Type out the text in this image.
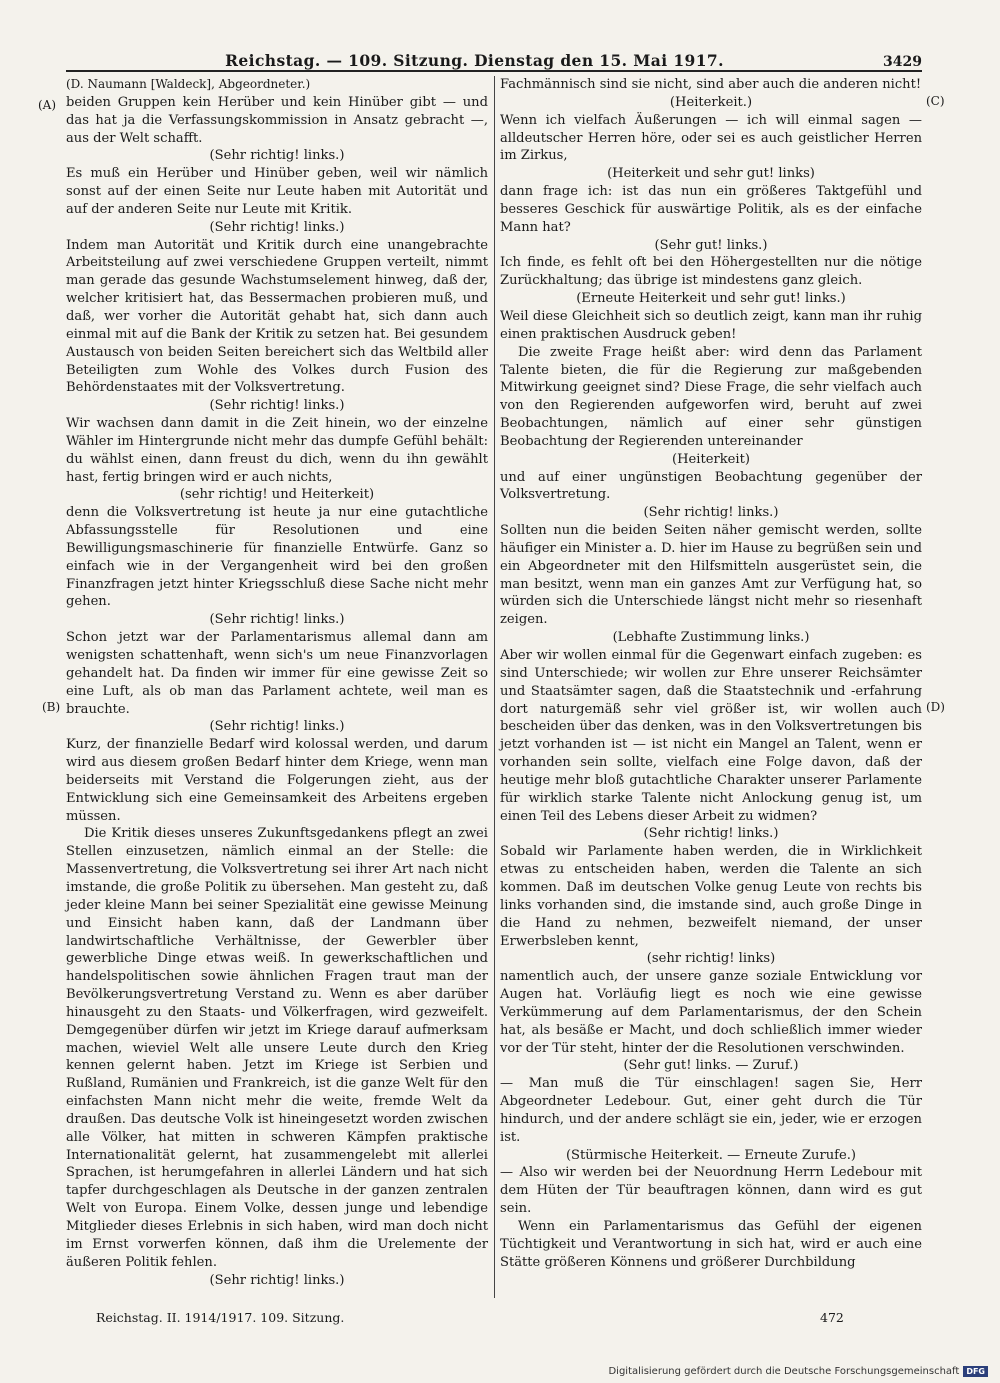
Reichstag. — 109. Sitzung. Dienstag den 15. Mai 1917.	3429
(A)
(B)
(C)
(D)

(D. Naumann [Waldeck], Abgeordneter.)

beiden Gruppen kein Herüber und kein Hinüber gibt — und das hat ja die Verfassungskommission in Ansatz gebracht —, aus der Welt schafft.

(Sehr richtig! links.)

Es muß ein Herüber und Hinüber geben, weil wir nämlich sonst auf der einen Seite nur Leute haben mit Autorität und auf der anderen Seite nur Leute mit Kritik.

(Sehr richtig! links.)

Indem man Autorität und Kritik durch eine unangebrachte Arbeitsteilung auf zwei verschiedene Gruppen verteilt, nimmt man gerade das gesunde Wachstumselement hinweg, daß der, welcher kritisiert hat, das Bessermachen probieren muß, und daß, wer vorher die Autorität gehabt hat, sich dann auch einmal mit auf die Bank der Kritik zu setzen hat. Bei gesundem Austausch von beiden Seiten bereichert sich das Weltbild aller Beteiligten zum Wohle des Volkes durch Fusion des Behördenstaates mit der Volksvertretung.

(Sehr richtig! links.)

Wir wachsen dann damit in die Zeit hinein, wo der einzelne Wähler im Hintergrunde nicht mehr das dumpfe Gefühl behält: du wählst einen, dann freust du dich, wenn du ihn gewählt hast, fertig bringen wird er auch nichts,

(sehr richtig! und Heiterkeit)

denn die Volksvertretung ist heute ja nur eine gutachtliche Abfassungsstelle für Resolutionen und eine Bewilligungsmaschinerie für finanzielle Entwürfe. Ganz so einfach wie in der Vergangenheit wird bei den großen Finanzfragen jetzt hinter Kriegsschluß diese Sache nicht mehr gehen.

(Sehr richtig! links.)

Schon jetzt war der Parlamentarismus allemal dann am wenigsten schattenhaft, wenn sich's um neue Finanzvorlagen gehandelt hat. Da finden wir immer für eine gewisse Zeit so eine Luft, als ob man das Parlament achtete, weil man es brauchte.

(Sehr richtig! links.)

Kurz, der finanzielle Bedarf wird kolossal werden, und darum wird aus diesem großen Bedarf hinter dem Kriege, wenn man beiderseits mit Verstand die Folgerungen zieht, aus der Entwicklung sich eine Gemeinsamkeit des Arbeitens ergeben müssen.

Die Kritik dieses unseres Zukunftsgedankens pflegt an zwei Stellen einzusetzen, nämlich einmal an der Stelle: die Massenvertretung, die Volksvertretung sei ihrer Art nach nicht imstande, die große Politik zu übersehen. Man gesteht zu, daß jeder kleine Mann bei seiner Spezialität eine gewisse Meinung und Einsicht haben kann, daß der Landmann über landwirtschaftliche Verhältnisse, der Gewerbler über gewerbliche Dinge etwas weiß. In gewerkschaftlichen und handelspolitischen sowie ähnlichen Fragen traut man der Bevölkerungsvertretung Verstand zu. Wenn es aber darüber hinausgeht zu den Staats- und Völkerfragen, wird gezweifelt. Demgegenüber dürfen wir jetzt im Kriege darauf aufmerksam machen, wieviel Welt alle unsere Leute durch den Krieg kennen gelernt haben. Jetzt im Kriege ist Serbien und Rußland, Rumänien und Frankreich, ist die ganze Welt für den einfachsten Mann nicht mehr die weite, fremde Welt da draußen. Das deutsche Volk ist hineingesetzt worden zwischen alle Völker, hat mitten in schweren Kämpfen praktische Internationalität gelernt, hat zusammengelebt mit allerlei Sprachen, ist herumgefahren in allerlei Ländern und hat sich tapfer durchgeschlagen als Deutsche in der ganzen zentralen Welt von Europa. Einem Volke, dessen junge und lebendige Mitglieder dieses Erlebnis in sich haben, wird man doch nicht im Ernst vorwerfen können, daß ihm die Urelemente der äußeren Politik fehlen.

(Sehr richtig! links.)

Fachmännisch sind sie nicht, sind aber auch die anderen nicht!

(Heiterkeit.)

Wenn ich vielfach Äußerungen — ich will einmal sagen — alldeutscher Herren höre, oder sei es auch geistlicher Herren im Zirkus,

(Heiterkeit und sehr gut! links)

dann frage ich: ist das nun ein größeres Taktgefühl und besseres Geschick für auswärtige Politik, als es der einfache Mann hat?

(Sehr gut! links.)

Ich finde, es fehlt oft bei den Höhergestellten nur die nötige Zurückhaltung; das übrige ist mindestens ganz gleich.

(Erneute Heiterkeit und sehr gut! links.)

Weil diese Gleichheit sich so deutlich zeigt, kann man ihr ruhig einen praktischen Ausdruck geben!

Die zweite Frage heißt aber: wird denn das Parlament Talente bieten, die für die Regierung zur maßgebenden Mitwirkung geeignet sind? Diese Frage, die sehr vielfach auch von den Regierenden aufgeworfen wird, beruht auf zwei Beobachtungen, nämlich auf einer sehr günstigen Beobachtung der Regierenden untereinander

(Heiterkeit)

und auf einer ungünstigen Beobachtung gegenüber der Volksvertretung.

(Sehr richtig! links.)

Sollten nun die beiden Seiten näher gemischt werden, sollte häufiger ein Minister a. D. hier im Hause zu begrüßen sein und ein Abgeordneter mit den Hilfsmitteln ausgerüstet sein, die man besitzt, wenn man ein ganzes Amt zur Verfügung hat, so würden sich die Unterschiede längst nicht mehr so riesenhaft zeigen.

(Lebhafte Zustimmung links.)

Aber wir wollen einmal für die Gegenwart einfach zugeben: es sind Unterschiede; wir wollen zur Ehre unserer Reichsämter und Staatsämter sagen, daß die Staatstechnik und -erfahrung dort naturgemäß sehr viel größer ist, wir wollen auch bescheiden über das denken, was in den Volksvertretungen bis jetzt vorhanden ist — ist nicht ein Mangel an Talent, wenn er vorhanden sein sollte, vielfach eine Folge davon, daß der heutige mehr bloß gutachtliche Charakter unserer Parlamente für wirklich starke Talente nicht Anlockung genug ist, um einen Teil des Lebens dieser Arbeit zu widmen?

(Sehr richtig! links.)

Sobald wir Parlamente haben werden, die in Wirklichkeit etwas zu entscheiden haben, werden die Talente an sich kommen. Daß im deutschen Volke genug Leute von rechts bis links vorhanden sind, die imstande sind, auch große Dinge in die Hand zu nehmen, bezweifelt niemand, der unser Erwerbsleben kennt,

(sehr richtig! links)

namentlich auch, der unsere ganze soziale Entwicklung vor Augen hat. Vorläufig liegt es noch wie eine gewisse Verkümmerung auf dem Parlamentarismus, der den Schein hat, als besäße er Macht, und doch schließlich immer wieder vor der Tür steht, hinter der die Resolutionen verschwinden.

(Sehr gut! links. — Zuruf.)

— Man muß die Tür einschlagen! sagen Sie, Herr Abgeordneter Ledebour. Gut, einer geht durch die Tür hindurch, und der andere schlägt sie ein, jeder, wie er erzogen ist.

(Stürmische Heiterkeit. — Erneute Zurufe.)

— Also wir werden bei der Neuordnung Herrn Ledebour mit dem Hüten der Tür beauftragen können, dann wird es gut sein.

Wenn ein Parlamentarismus das Gefühl der eigenen Tüchtigkeit und Verantwortung in sich hat, wird er auch eine Stätte größeren Könnens und größerer Durchbildung

Reichstag. II. 1914/1917. 109. Sitzung.	472
Digitalisierung gefördert durch die Deutsche Forschungsgemeinschaft DFG
